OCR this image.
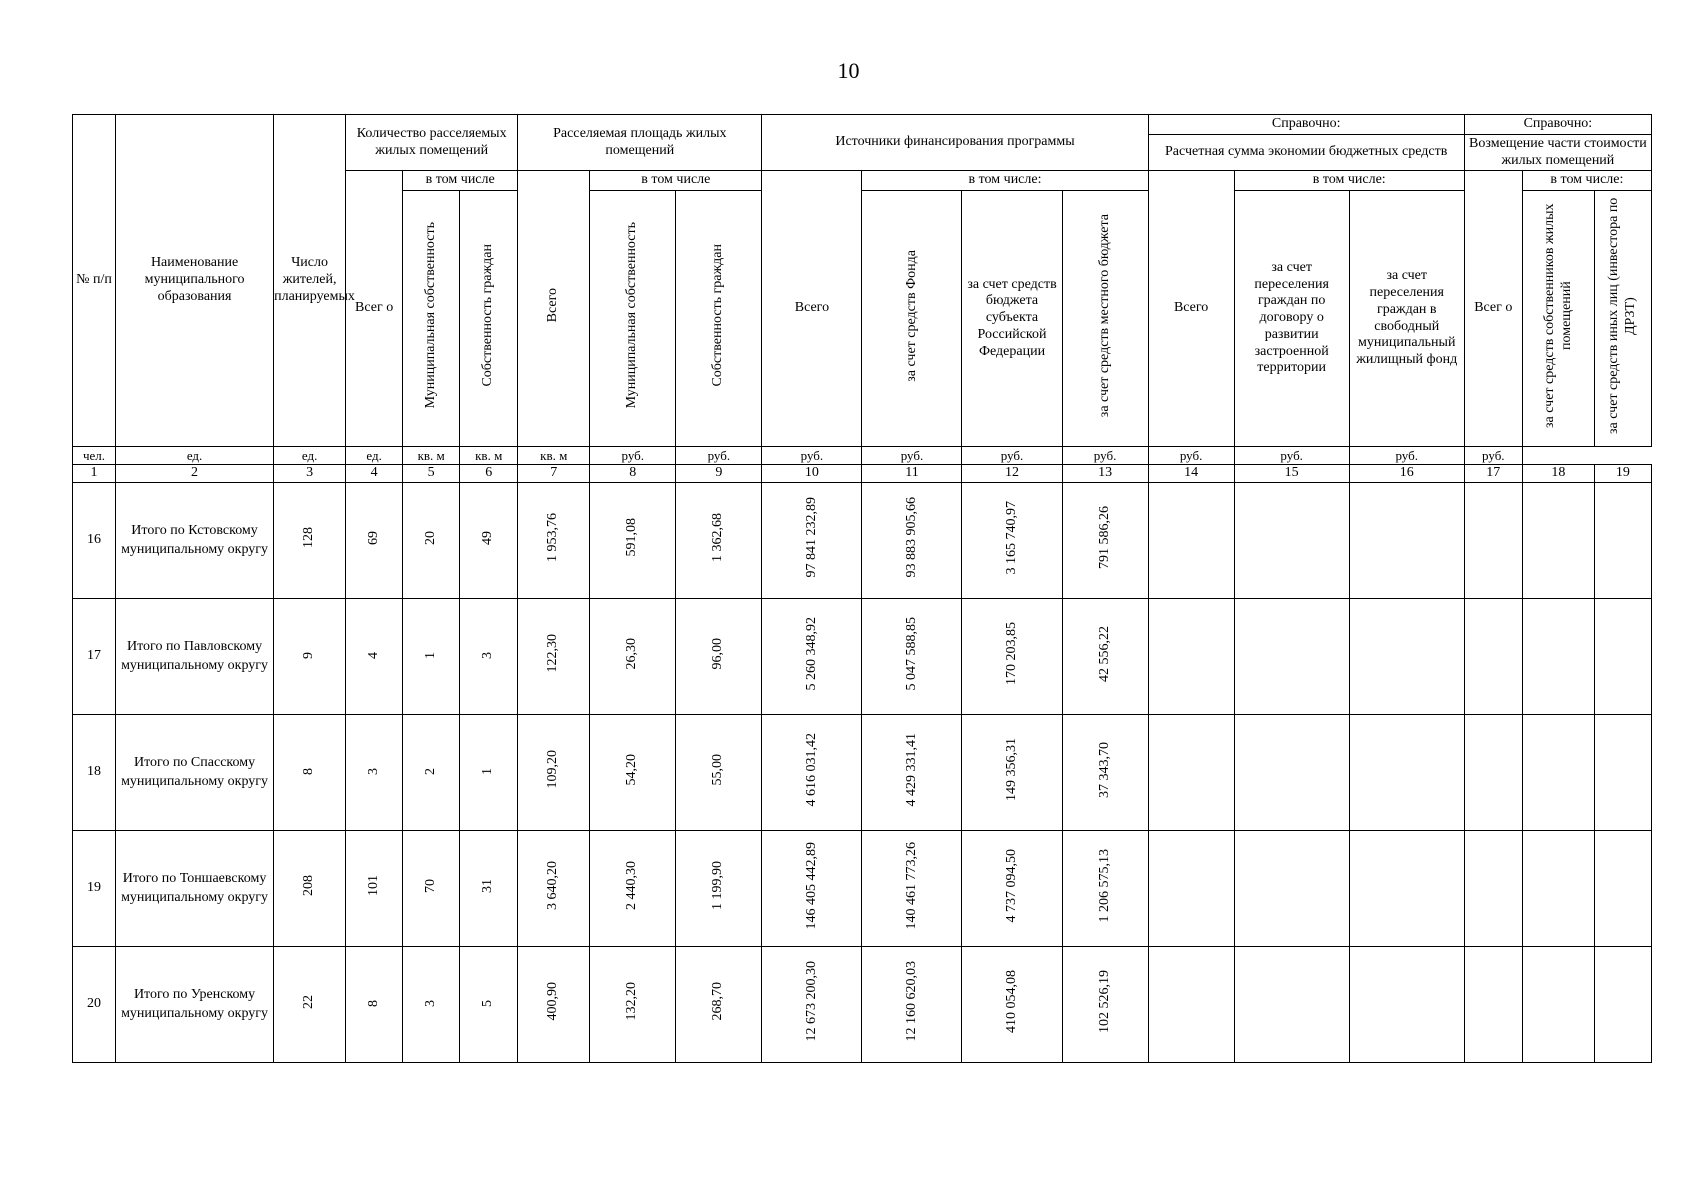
10
№ п/п	Наименование муниципального образования	Число жителей, планируемых	Количество расселяемых жилых помещений			Расселяемая площадь жилых помещений			Источники финансирования программы				Справочно:			Справочно:		
													Расчетная сумма экономии бюджетных средств			Возмещение части стоимости жилых помещений		
			Всег о	в том числе		Всего	в том числе		Всего	в том числе:			Всего	в том числе:		Всег о	в том числе:	
				Муниципальная собственность	Собственность граждан		Муниципальная собственность	Собственность граждан		за счет средств Фонда	за счет средств бюджета субъекта Российской Федерации	за счет средств местного бюджета		за счет переселения граждан по договору о развитии застроенной территории	за счет переселения граждан в свободный муниципальный жилищный фонд		за счет средств собственников жилых помещений	за счет средств иных лиц (инвестора по ДРЗТ)
чел.	ед.	ед.	ед.	кв. м	кв. м	кв. м	руб.	руб.	руб.	руб.	руб.	руб.	руб.	руб.	руб.	руб.		
1	2	3	4	5	6	7	8	9	10	11	12	13	14	15	16	17	18	19
16	Итого по Кстовскому муниципальному округу	128	69	20	49	1 953,76	591,08	1 362,68	97 841 232,89	93 883 905,66	3 165 740,97	791 586,26						
17	Итого по Павловскому муниципальному округу	9	4	1	3	122,30	26,30	96,00	5 260 348,92	5 047 588,85	170 203,85	42 556,22						
18	Итого по Спасскому муниципальному округу	8	3	2	1	109,20	54,20	55,00	4 616 031,42	4 429 331,41	149 356,31	37 343,70						
19	Итого по Тоншаевскому муниципальному округу	208	101	70	31	3 640,20	2 440,30	1 199,90	146 405 442,89	140 461 773,26	4 737 094,50	1 206 575,13						
20	Итого по Уренскому муниципальному округу	22	8	3	5	400,90	132,20	268,70	12 673 200,30	12 160 620,03	410 054,08	102 526,19						
